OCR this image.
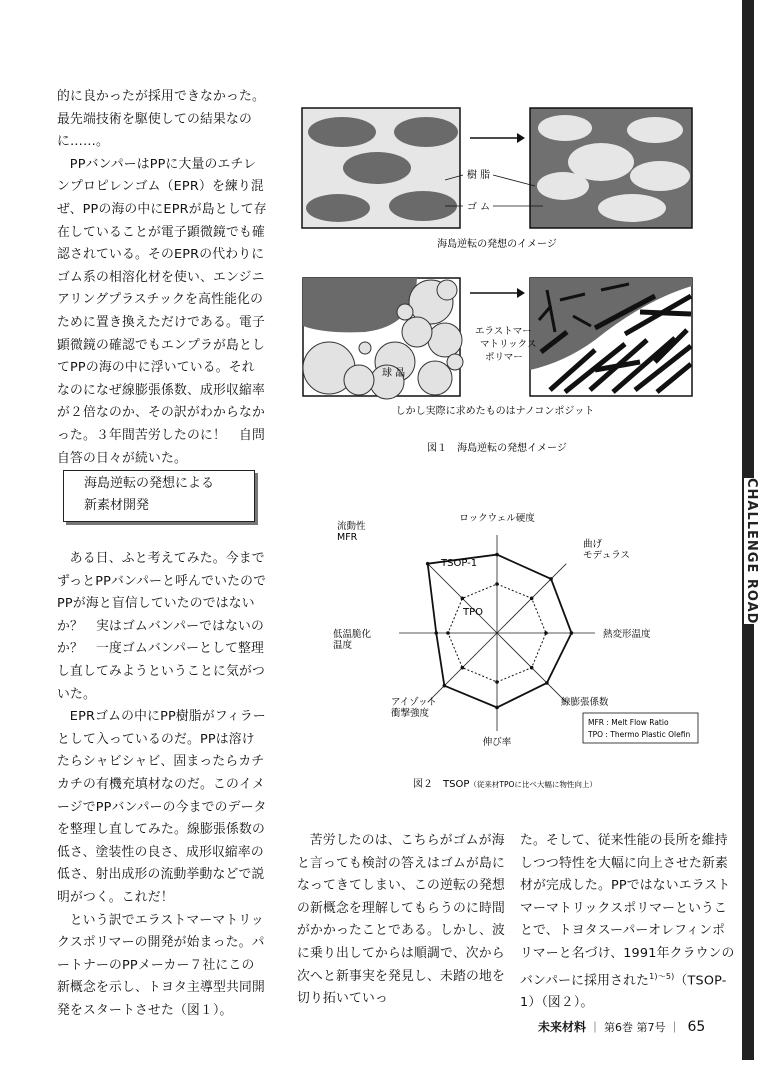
的に良かったが採用できなかった。最先端技術を駆使しての結果なのに……。

PPバンパーはPPに大量のエチレンプロピレンゴム（EPR）を練り混ぜ、PPの海の中にEPRが島として存在していることが電子顕微鏡でも確認されている。そのEPRの代わりにゴム系の相溶化材を使い、エンジニアリングプラスチックを高性能化のために置き換えただけである。電子顕微鏡の確認でもエンプラが島としてPPの海の中に浮いている。それなのになぜ線膨張係数、成形収縮率が２倍なのか、その訳がわからなかった。３年間苦労したのに！　自問自答の日々が続いた。

海島逆転の発想による
新素材開発

ある日、ふと考えてみた。今までずっとPPバンパーと呼んでいたのでPPが海と盲信していたのではないか？　実はゴムバンパーではないのか？　一度ゴムバンパーとして整理し直してみようということに気がついた。

EPRゴムの中にPP樹脂がフィラーとして入っているのだ。PPは溶けたらシャビシャビ、固まったらカチカチの有機充填材なのだ。このイメージでPPバンパーの今までのデータを整理し直してみた。線膨張係数の低さ、塗装性の良さ、成形収縮率の低さ、射出成形の流動挙動などで説明がつく。これだ！

という訳でエラストマーマトリックスポリマーの開発が始まった。パートナーのPPメーカー７社にこの新概念を示し、トヨタ主導型共同開発をスタートさせた（図１）。

苦労したのは、こちらがゴムが海と言っても検討の答えはゴムが島になってきてしまい、この逆転の発想の新概念を理解してもらうのに時間がかかったことである。しかし、波に乗り出してからは順調で、次から次へと新事実を発見し、未踏の地を切り拓いていっ

た。そして、従来性能の長所を維持しつつ特性を大幅に向上させた新素材が完成した。PPではないエラストマーマトリックスポリマーということで、トヨタスーパーオレフィンポリマーと名づけ、1991年クラウンのバンパーに採用された$^{1)〜5)}$（TSOP-1）（図２）。

樹 脂
ゴ ム
海島逆転の発想のイメージ
球 晶
エラストマー マトリックス ポリマー
しかし実際に求めたものはナノコンポジット
図１　海島逆転の発想イメージ
ロックウェル硬度
曲げモデュラス
熱変形温度
線膨張係数
伸び率
アイゾット衝撃強度
低温脆化温度
流動性 MFR
TSOP-1
TPO
MFR : Melt Flow Ratio
TPO : Thermo Plastic Olefin
図２　TSOP（従来材TPOに比べ大幅に物性向上）
CHALLENGE ROAD
未来材料 ｜ 第6巻 第7号 ｜ 65
